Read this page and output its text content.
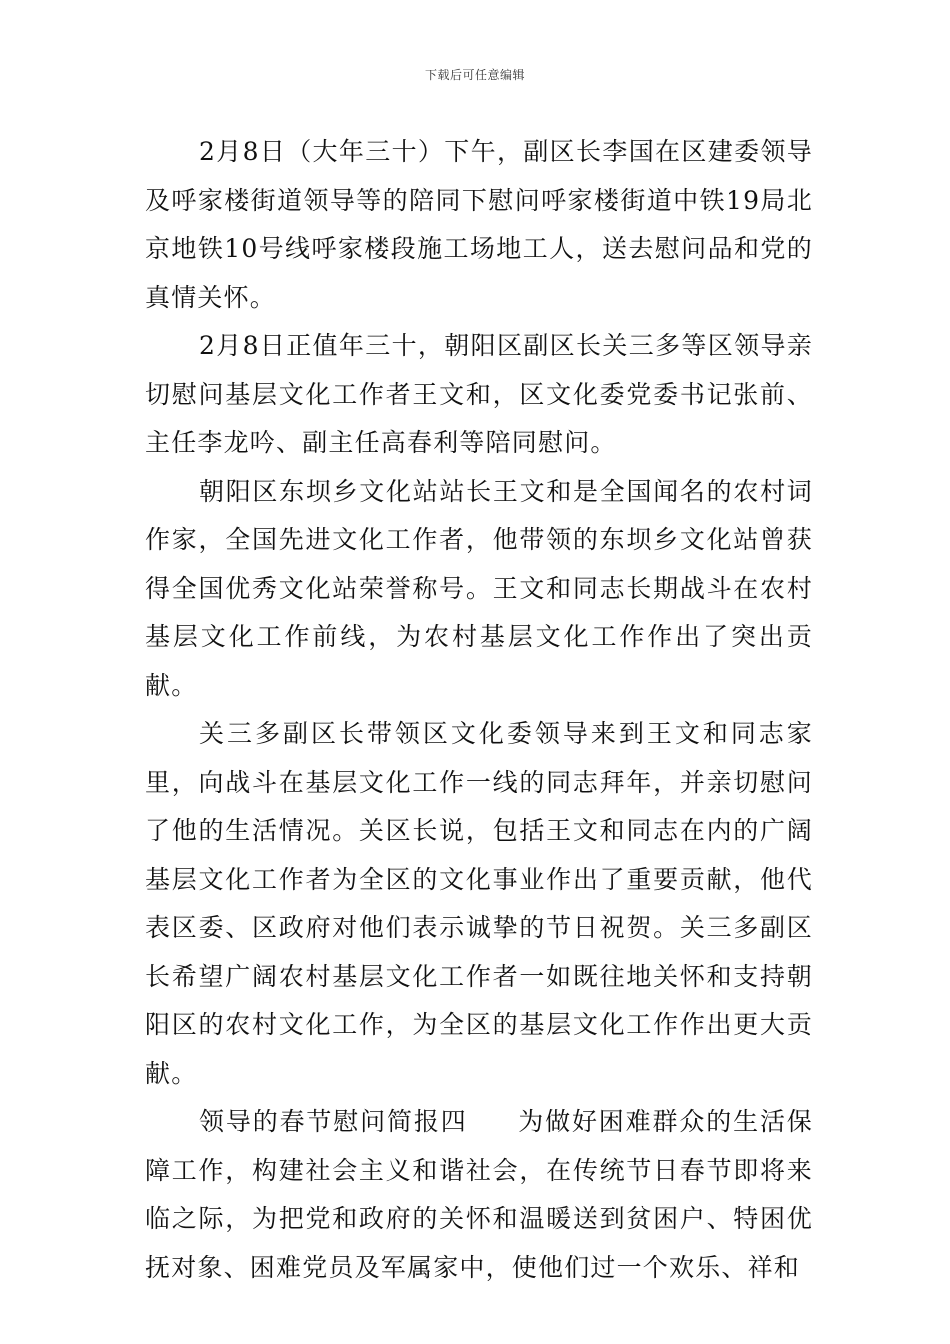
下载后可任意编辑

2月8日（大年三十）下午，副区长李国在区建委领导及呼家楼街道领导等的陪同下慰问呼家楼街道中铁19局北京地铁10号线呼家楼段施工场地工人，送去慰问品和党的真情关怀。

2月8日正值年三十，朝阳区副区长关三多等区领导亲切慰问基层文化工作者王文和，区文化委党委书记张前、主任李龙吟、副主任高春利等陪同慰问。

朝阳区东坝乡文化站站长王文和是全国闻名的农村词作家，全国先进文化工作者，他带领的东坝乡文化站曾获得全国优秀文化站荣誉称号。王文和同志长期战斗在农村基层文化工作前线，为农村基层文化工作作出了突出贡献。

关三多副区长带领区文化委领导来到王文和同志家里，向战斗在基层文化工作一线的同志拜年，并亲切慰问了他的生活情况。关区长说，包括王文和同志在内的广阔基层文化工作者为全区的文化事业作出了重要贡献，他代表区委、区政府对他们表示诚挚的节日祝贺。关三多副区长希望广阔农村基层文化工作者一如既往地关怀和支持朝阳区的农村文化工作，为全区的基层文化工作作出更大贡献。

领导的春节慰问简报四 为做好困难群众的生活保障工作，构建社会主义和谐社会，在传统节日春节即将来临之际，为把党和政府的关怀和温暖送到贫困户、特困优抚对象、困难党员及军属家中，使他们过一个欢乐、祥和
